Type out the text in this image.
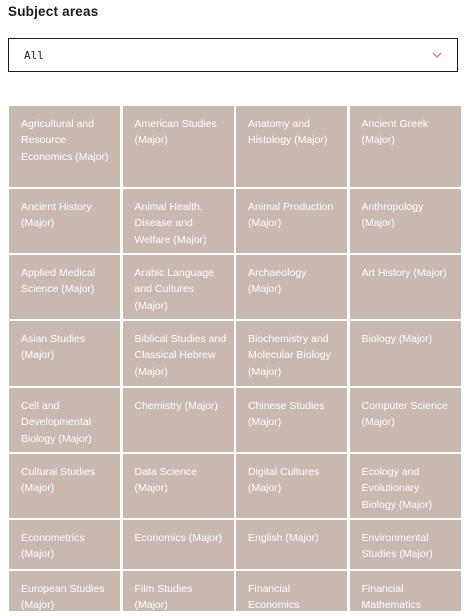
Subject areas
All
Agricultural and Resource Economics (Major)
American Studies (Major)
Anatomy and Histology (Major)
Ancient Greek (Major)
Ancient History (Major)
Animal Health, Disease and Welfare (Major)
Animal Production (Major)
Anthropology (Major)
Applied Medical Science (Major)
Arabic Language and Cultures (Major)
Archaeology (Major)
Art History (Major)
Asian Studies (Major)
Biblical Studies and Classical Hebrew (Major)
Biochemistry and Molecular Biology (Major)
Biology (Major)
Cell and Developmental Biology (Major)
Chemistry (Major)	Chinese Studies (Major)
Computer Science (Major)
Cultural Studies (Major)
Data Science (Major)
Digital Cultures (Major)
Ecology and Evolutionary Biology (Major)
Econometrics (Major)
Economics (Major)	English (Major)	Environmental Studies (Major)
European Studies (Major)
Film Studies (Major)
Financial Economics
Financial Mathematics
